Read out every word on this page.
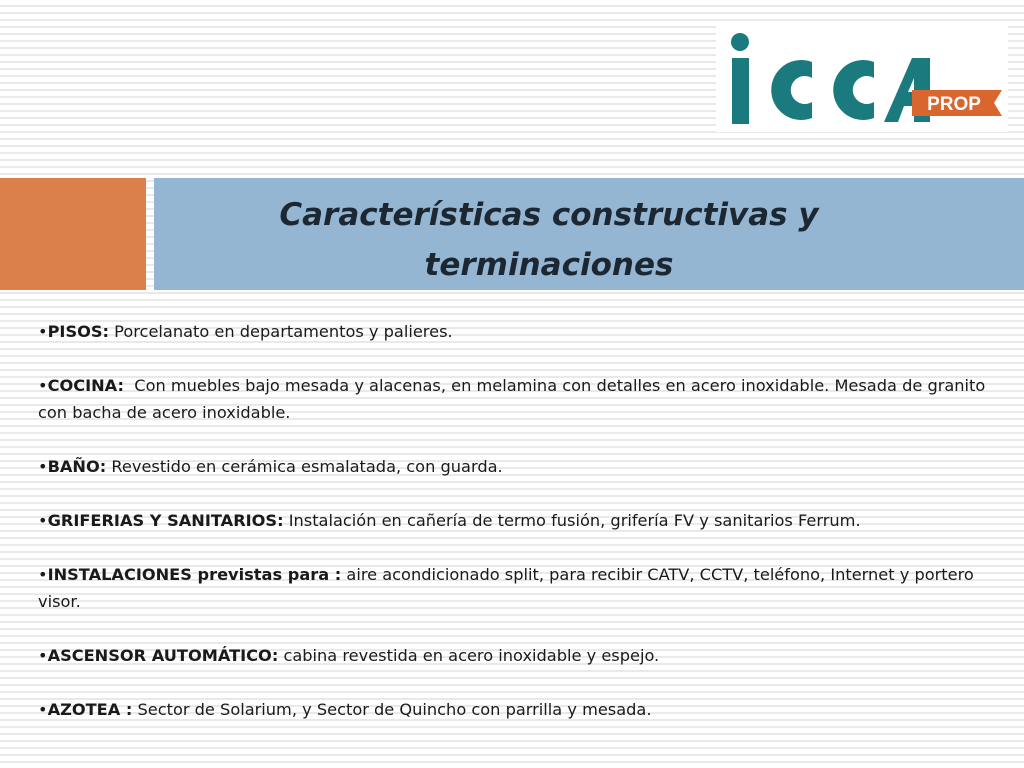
PROP
Características constructivas y
terminaciones

•PISOS: Porcelanato en departamentos y palieres.

•COCINA:  Con muebles bajo mesada y alacenas, en melamina con detalles en acero inoxidable. Mesada de granito con bacha de acero inoxidable.

•BAÑO: Revestido en cerámica esmalatada, con guarda.

•GRIFERIAS Y SANITARIOS: Instalación en cañería de termo fusión, grifería FV y sanitarios Ferrum.

•INSTALACIONES previstas para : aire acondicionado split, para recibir CATV, CCTV, teléfono, Internet y portero visor.

•ASCENSOR AUTOMÁTICO: cabina revestida en acero inoxidable y espejo.

•AZOTEA : Sector de Solarium, y Sector de Quincho con parrilla y mesada.
